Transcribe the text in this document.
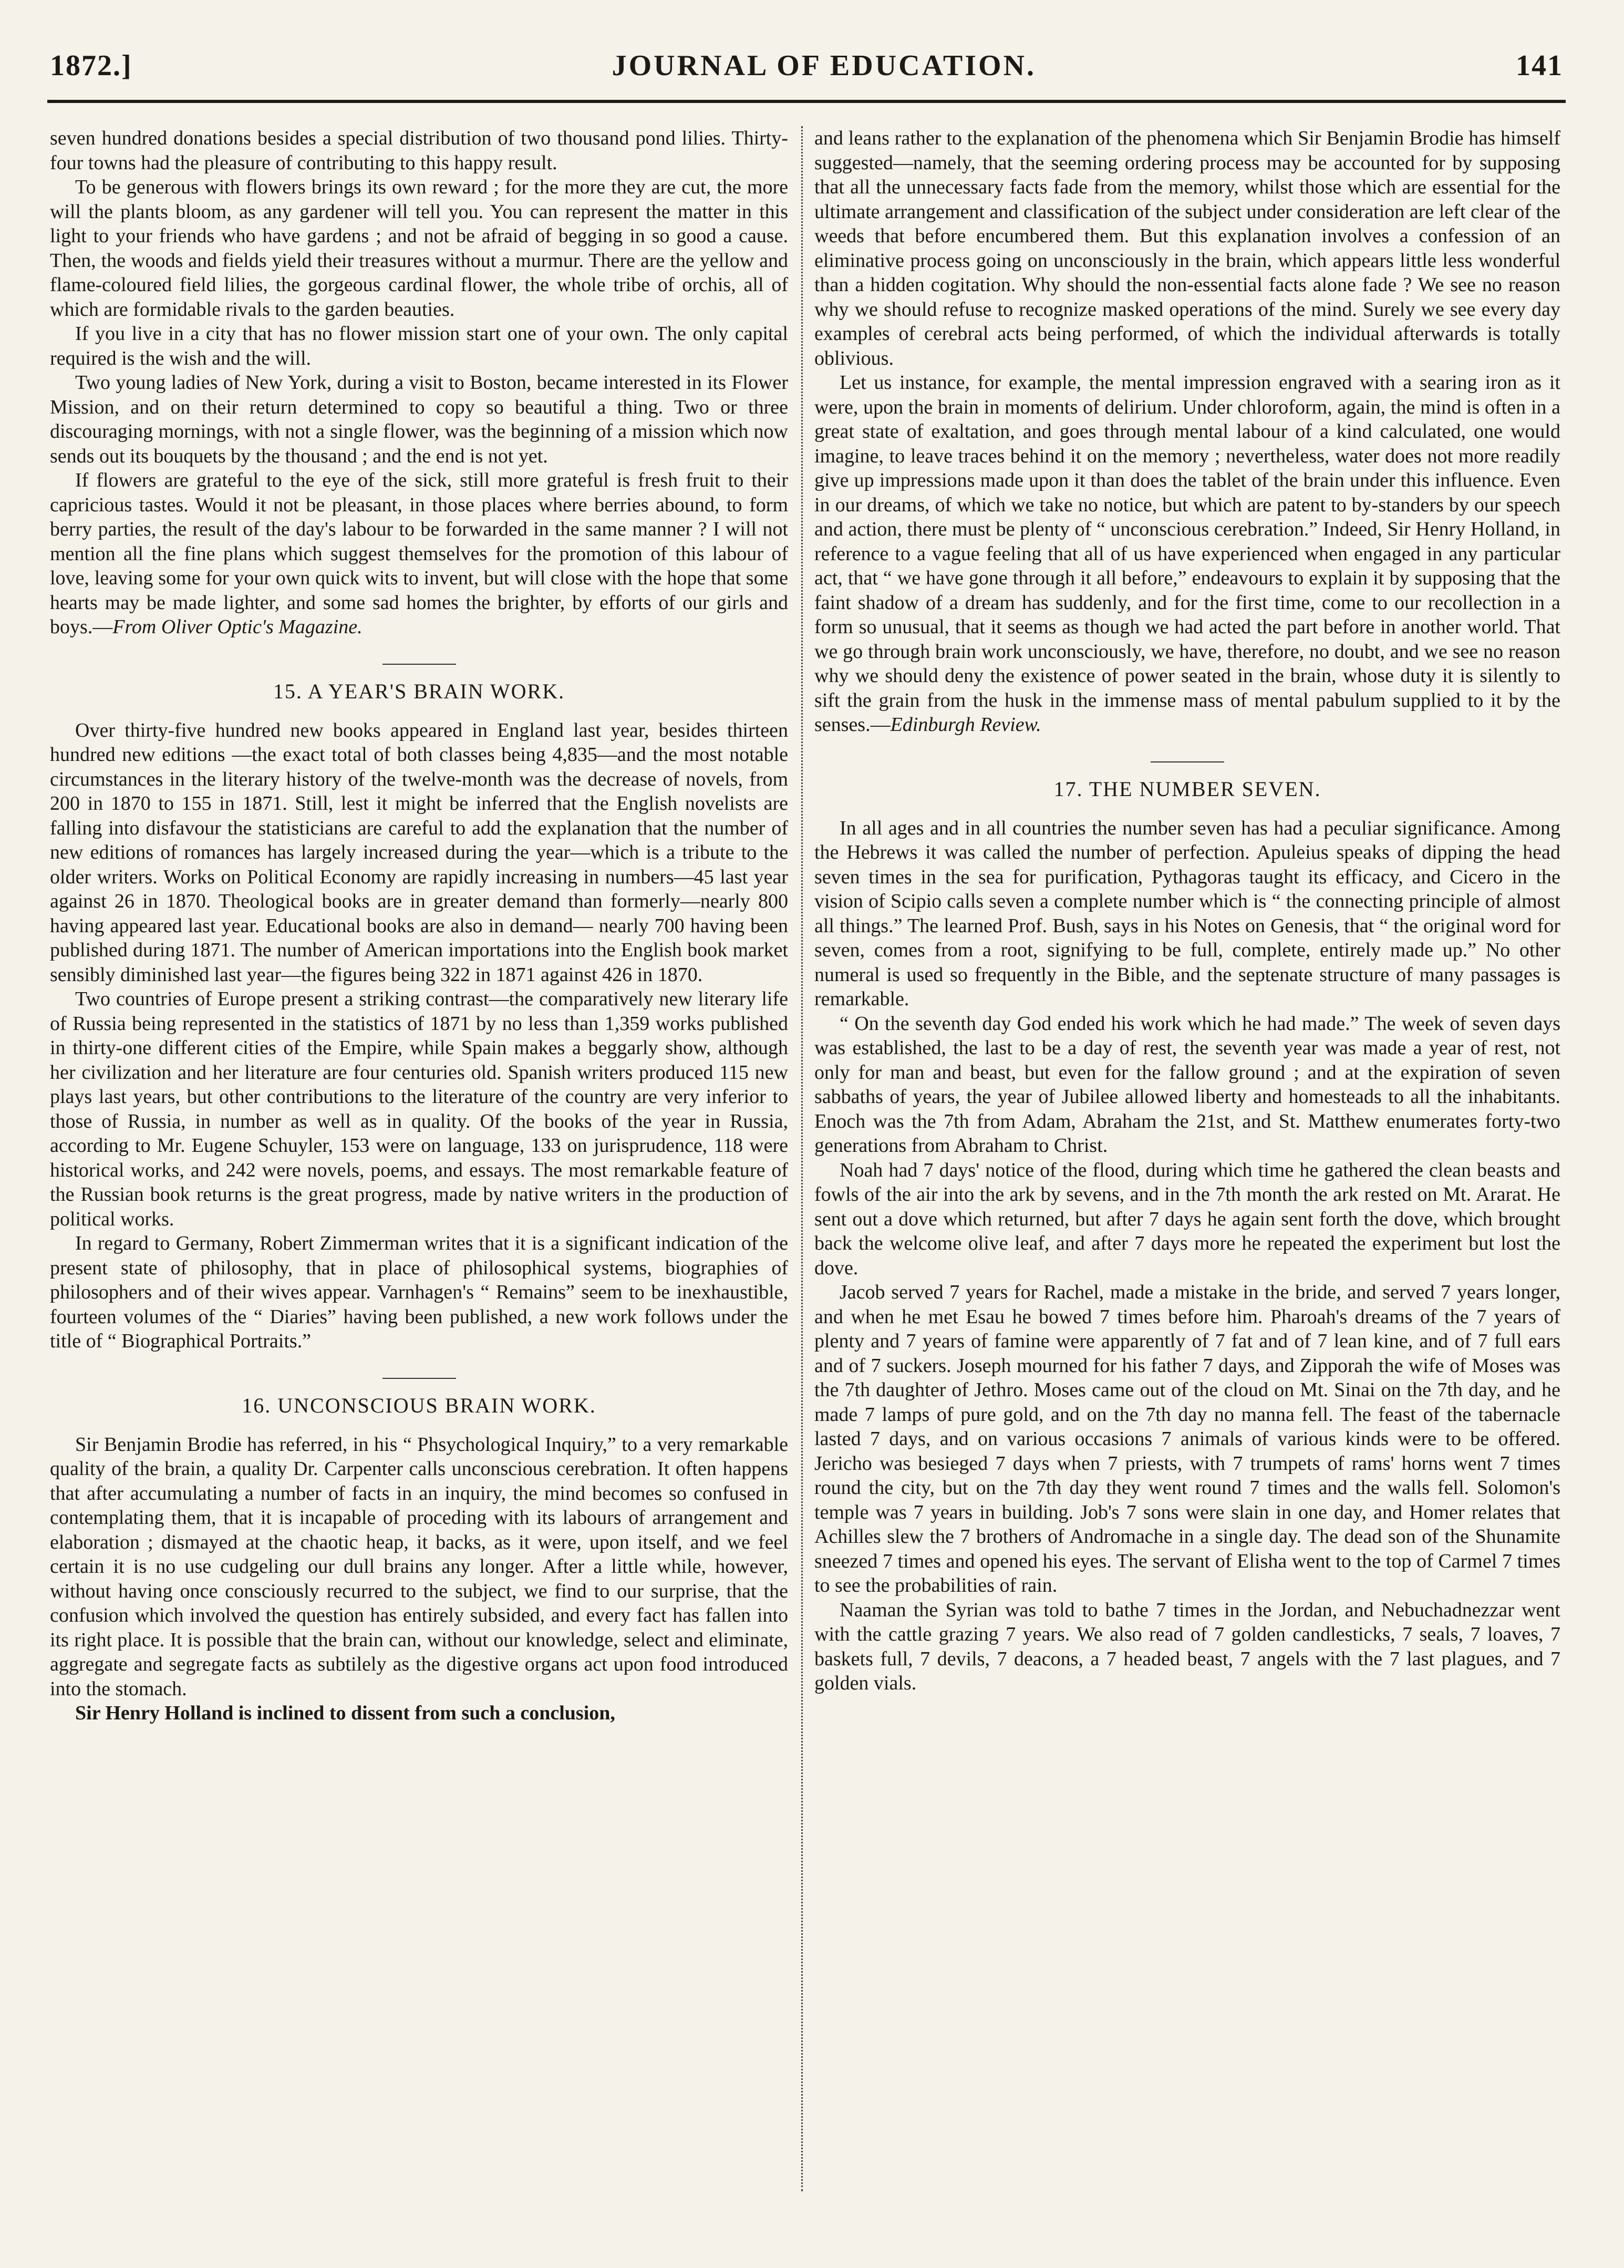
1872.]	JOURNAL OF EDUCATION.	141

seven hundred donations besides a special distribution of two thousand pond lilies. Thirty-four towns had the pleasure of contributing to this happy result.

To be generous with flowers brings its own reward ; for the more they are cut, the more will the plants bloom, as any gardener will tell you. You can represent the matter in this light to your friends who have gardens ; and not be afraid of begging in so good a cause. Then, the woods and fields yield their treasures without a murmur. There are the yellow and flame-coloured field lilies, the gorgeous cardinal flower, the whole tribe of orchis, all of which are formidable rivals to the garden beauties.

If you live in a city that has no flower mission start one of your own. The only capital required is the wish and the will.

Two young ladies of New York, during a visit to Boston, became interested in its Flower Mission, and on their return determined to copy so beautiful a thing. Two or three discouraging mornings, with not a single flower, was the beginning of a mission which now sends out its bouquets by the thousand ; and the end is not yet.

If flowers are grateful to the eye of the sick, still more grateful is fresh fruit to their capricious tastes. Would it not be pleasant, in those places where berries abound, to form berry parties, the result of the day's labour to be forwarded in the same manner ? I will not mention all the fine plans which suggest themselves for the promotion of this labour of love, leaving some for your own quick wits to invent, but will close with the hope that some hearts may be made lighter, and some sad homes the brighter, by efforts of our girls and boys.—From Oliver Optic's Magazine.

15. A YEAR'S BRAIN WORK.

Over thirty-five hundred new books appeared in England last year, besides thirteen hundred new editions —the exact total of both classes being 4,835—and the most notable circumstances in the literary history of the twelve-month was the decrease of novels, from 200 in 1870 to 155 in 1871. Still, lest it might be inferred that the English novelists are falling into disfavour the statisticians are careful to add the explanation that the number of new editions of romances has largely increased during the year—which is a tribute to the older writers. Works on Political Economy are rapidly increasing in numbers—45 last year against 26 in 1870. Theological books are in greater demand than formerly—nearly 800 having appeared last year. Educational books are also in demand— nearly 700 having been published during 1871. The number of American importations into the English book market sensibly diminished last year—the figures being 322 in 1871 against 426 in 1870.

Two countries of Europe present a striking contrast—the comparatively new literary life of Russia being represented in the statistics of 1871 by no less than 1,359 works published in thirty-one different cities of the Empire, while Spain makes a beggarly show, although her civilization and her literature are four centuries old. Spanish writers produced 115 new plays last years, but other contributions to the literature of the country are very inferior to those of Russia, in number as well as in quality. Of the books of the year in Russia, according to Mr. Eugene Schuyler, 153 were on language, 133 on jurisprudence, 118 were historical works, and 242 were novels, poems, and essays. The most remarkable feature of the Russian book returns is the great progress, made by native writers in the production of political works.

In regard to Germany, Robert Zimmerman writes that it is a significant indication of the present state of philosophy, that in place of philosophical systems, biographies of philosophers and of their wives appear. Varnhagen's “ Remains” seem to be inexhaustible, fourteen volumes of the “ Diaries” having been published, a new work follows under the title of “ Biographical Portraits.”

16. UNCONSCIOUS BRAIN WORK.

Sir Benjamin Brodie has referred, in his “ Phsychological Inquiry,” to a very remarkable quality of the brain, a quality Dr. Carpenter calls unconscious cerebration. It often happens that after accumulating a number of facts in an inquiry, the mind becomes so confused in contemplating them, that it is incapable of proceding with its labours of arrangement and elaboration ; dismayed at the chaotic heap, it backs, as it were, upon itself, and we feel certain it is no use cudgeling our dull brains any longer. After a little while, however, without having once consciously recurred to the subject, we find to our surprise, that the confusion which involved the question has entirely subsided, and every fact has fallen into its right place. It is possible that the brain can, without our knowledge, select and eliminate, aggregate and segregate facts as subtilely as the digestive organs act upon food introduced into the stomach.

Sir Henry Holland is inclined to dissent from such a conclusion,

and leans rather to the explanation of the phenomena which Sir Benjamin Brodie has himself suggested—namely, that the seeming ordering process may be accounted for by supposing that all the unnecessary facts fade from the memory, whilst those which are essential for the ultimate arrangement and classification of the subject under consideration are left clear of the weeds that before encumbered them. But this explanation involves a confession of an eliminative process going on unconsciously in the brain, which appears little less wonderful than a hidden cogitation. Why should the non-essential facts alone fade ? We see no reason why we should refuse to recognize masked operations of the mind. Surely we see every day examples of cerebral acts being performed, of which the individual afterwards is totally oblivious.

Let us instance, for example, the mental impression engraved with a searing iron as it were, upon the brain in moments of delirium. Under chloroform, again, the mind is often in a great state of exaltation, and goes through mental labour of a kind calculated, one would imagine, to leave traces behind it on the memory ; nevertheless, water does not more readily give up impressions made upon it than does the tablet of the brain under this influence. Even in our dreams, of which we take no notice, but which are patent to by-standers by our speech and action, there must be plenty of “ unconscious cerebration.” Indeed, Sir Henry Holland, in reference to a vague feeling that all of us have experienced when engaged in any particular act, that “ we have gone through it all before,” endeavours to explain it by supposing that the faint shadow of a dream has suddenly, and for the first time, come to our recollection in a form so unusual, that it seems as though we had acted the part before in another world. That we go through brain work unconsciously, we have, therefore, no doubt, and we see no reason why we should deny the existence of power seated in the brain, whose duty it is silently to sift the grain from the husk in the immense mass of mental pabulum supplied to it by the senses.—Edinburgh Review.

17. THE NUMBER SEVEN.

In all ages and in all countries the number seven has had a peculiar significance. Among the Hebrews it was called the number of perfection. Apuleius speaks of dipping the head seven times in the sea for purification, Pythagoras taught its efficacy, and Cicero in the vision of Scipio calls seven a complete number which is “ the connecting principle of almost all things.” The learned Prof. Bush, says in his Notes on Genesis, that “ the original word for seven, comes from a root, signifying to be full, complete, entirely made up.” No other numeral is used so frequently in the Bible, and the septenate structure of many passages is remarkable.

“ On the seventh day God ended his work which he had made.” The week of seven days was established, the last to be a day of rest, the seventh year was made a year of rest, not only for man and beast, but even for the fallow ground ; and at the expiration of seven sabbaths of years, the year of Jubilee allowed liberty and homesteads to all the inhabitants. Enoch was the 7th from Adam, Abraham the 21st, and St. Matthew enumerates forty-two generations from Abraham to Christ.

Noah had 7 days' notice of the flood, during which time he gathered the clean beasts and fowls of the air into the ark by sevens, and in the 7th month the ark rested on Mt. Ararat. He sent out a dove which returned, but after 7 days he again sent forth the dove, which brought back the welcome olive leaf, and after 7 days more he repeated the experiment but lost the dove.

Jacob served 7 years for Rachel, made a mistake in the bride, and served 7 years longer, and when he met Esau he bowed 7 times before him. Pharoah's dreams of the 7 years of plenty and 7 years of famine were apparently of 7 fat and of 7 lean kine, and of 7 full ears and of 7 suckers. Joseph mourned for his father 7 days, and Zipporah the wife of Moses was the 7th daughter of Jethro. Moses came out of the cloud on Mt. Sinai on the 7th day, and he made 7 lamps of pure gold, and on the 7th day no manna fell. The feast of the tabernacle lasted 7 days, and on various occasions 7 animals of various kinds were to be offered. Jericho was besieged 7 days when 7 priests, with 7 trumpets of rams' horns went 7 times round the city, but on the 7th day they went round 7 times and the walls fell. Solomon's temple was 7 years in building. Job's 7 sons were slain in one day, and Homer relates that Achilles slew the 7 brothers of Andromache in a single day. The dead son of the Shunamite sneezed 7 times and opened his eyes. The servant of Elisha went to the top of Carmel 7 times to see the probabilities of rain.

Naaman the Syrian was told to bathe 7 times in the Jordan, and Nebuchadnezzar went with the cattle grazing 7 years. We also read of 7 golden candlesticks, 7 seals, 7 loaves, 7 baskets full, 7 devils, 7 deacons, a 7 headed beast, 7 angels with the 7 last plagues, and 7 golden vials.
